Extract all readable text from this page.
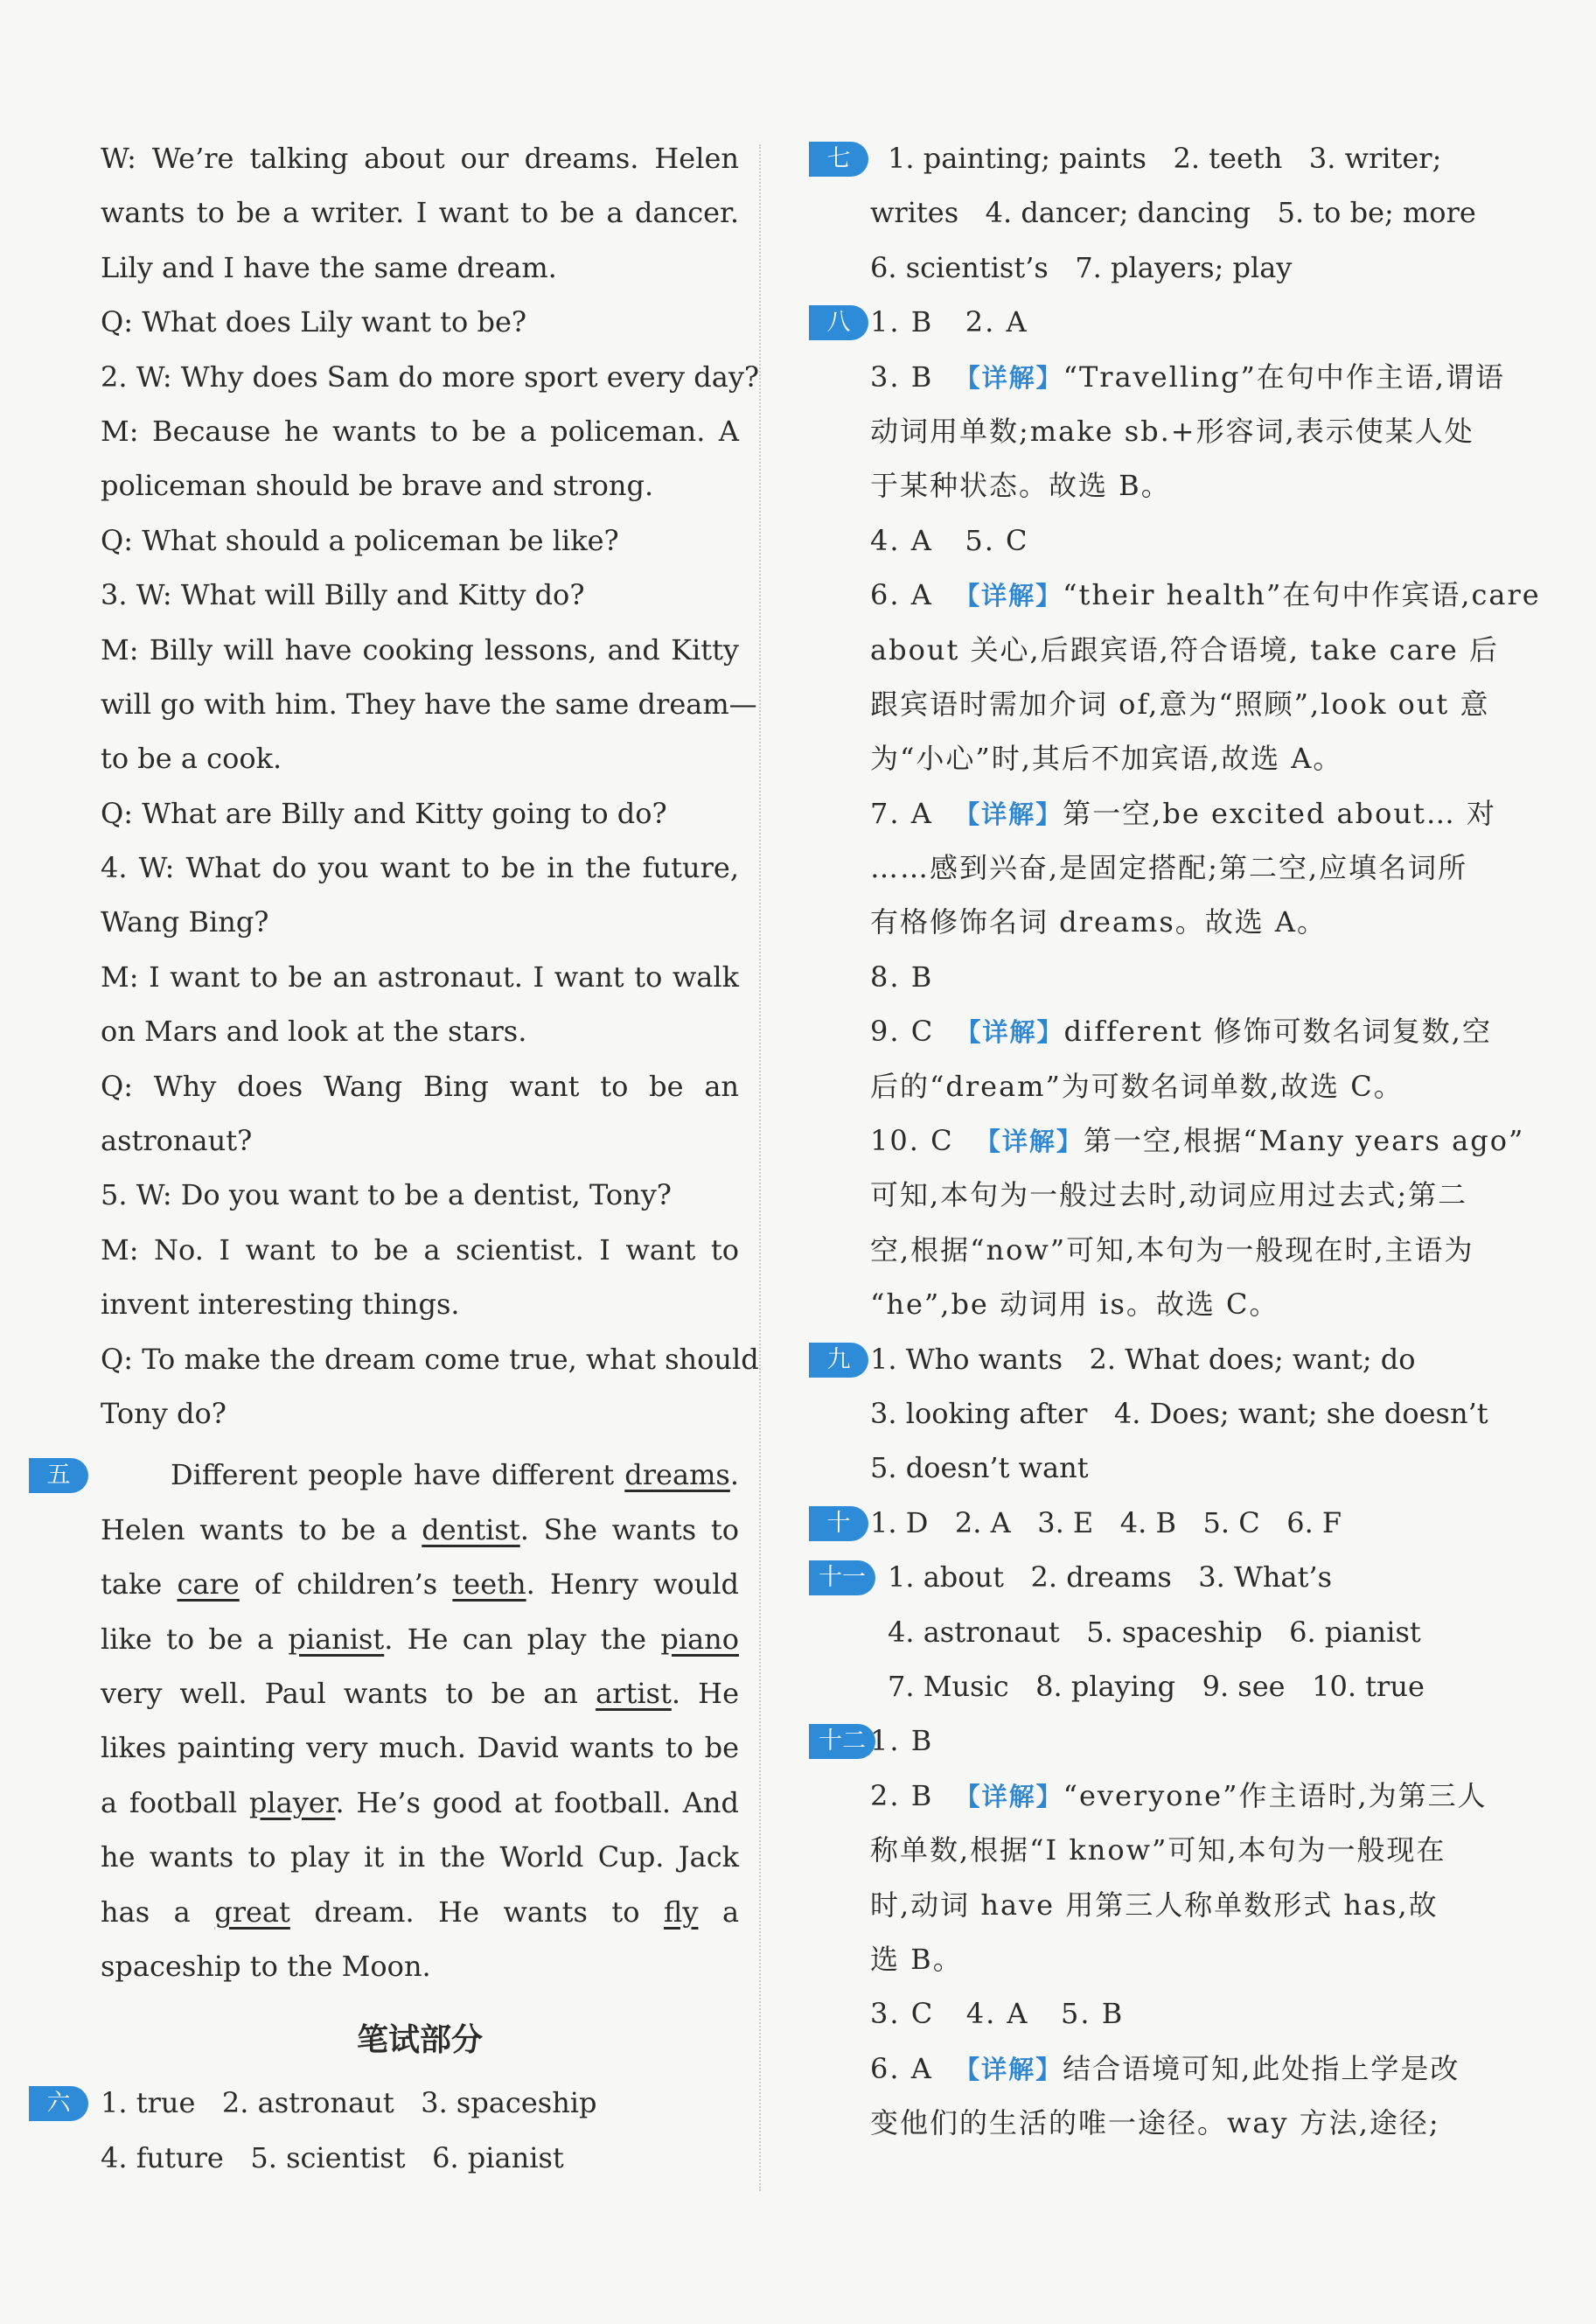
W: We’re talking about our dreams. Helen
wants to be a writer. I want to be a dancer.
Lily and I have the same dream.
Q: What does Lily want to be?
2. W: Why does Sam do more sport every day?
M: Because he wants to be a policeman. A
policeman should be brave and strong.
Q: What should a policeman be like?
3. W: What will Billy and Kitty do?
M: Billy will have cooking lessons, and Kitty
will go with him. They have the same dream—
to be a cook.
Q: What are Billy and Kitty going to do?
4. W: What do you want to be in the future,
Wang Bing?
M: I want to be an astronaut. I want to walk
on Mars and look at the stars.
Q: Why does Wang Bing want to be an
astronaut?
5. W: Do you want to be a dentist, Tony?
M: No. I want to be a scientist. I want to
invent interesting things.
Q: To make the dream come true, what should
Tony do?
五	Different people have different dreams. Helen wants to be a dentist. She wants to take care of children’s teeth. Henry would like to be a pianist. He can play the piano very well. Paul wants to be an artist. He likes painting very much. David wants to be a football player. He’s good at football. And he wants to play it in the World Cup. Jack has a great dream. He wants to fly a spaceship to the Moon.
笔试部分
六	1. true   2. astronaut   3. spaceship
4. future   5. scientist   6. pianist
七	1. painting; paints   2. teeth   3. writer;
writes   4. dancer; dancing   5. to be; more
6. scientist’s   7. players; play
八 1. B   2. A
3. B  【详解】“Travelling”在句中作主语,谓语
动词用单数;make sb.+形容词,表示使某人处
于某种状态。故选 B。
4. A   5. C
6. A  【详解】“their health”在句中作宾语,care
about 关心,后跟宾语,符合语境, take care 后
跟宾语时需加介词 of,意为“照顾”,look out 意
为“小心”时,其后不加宾语,故选 A。
7. A  【详解】第一空,be excited about… 对
……感到兴奋,是固定搭配;第二空,应填名词所
有格修饰名词 dreams。故选 A。
8. B
9. C  【详解】different 修饰可数名词复数,空
后的“dream”为可数名词单数,故选 C。
10. C  【详解】第一空,根据“Many years ago”
可知,本句为一般过去时,动词应用过去式;第二
空,根据“now”可知,本句为一般现在时,主语为
“he”,be 动词用 is。故选 C。
九 1. Who wants   2. What does; want; do
3. looking after   4. Does; want; she doesn’t
5. doesn’t want
十 1. D   2. A   3. E   4. B   5. C   6. F
十一 1. about   2. dreams   3. What’s
4. astronaut   5. spaceship   6. pianist
7. Music   8. playing   9. see   10. true
十二 1. B
2. B  【详解】“everyone”作主语时,为第三人
称单数,根据“I know”可知,本句为一般现在
时,动词 have 用第三人称单数形式 has,故
选 B。
3. C   4. A   5. B
6. A  【详解】结合语境可知,此处指上学是改
变他们的生活的唯一途径。way 方法,途径;
